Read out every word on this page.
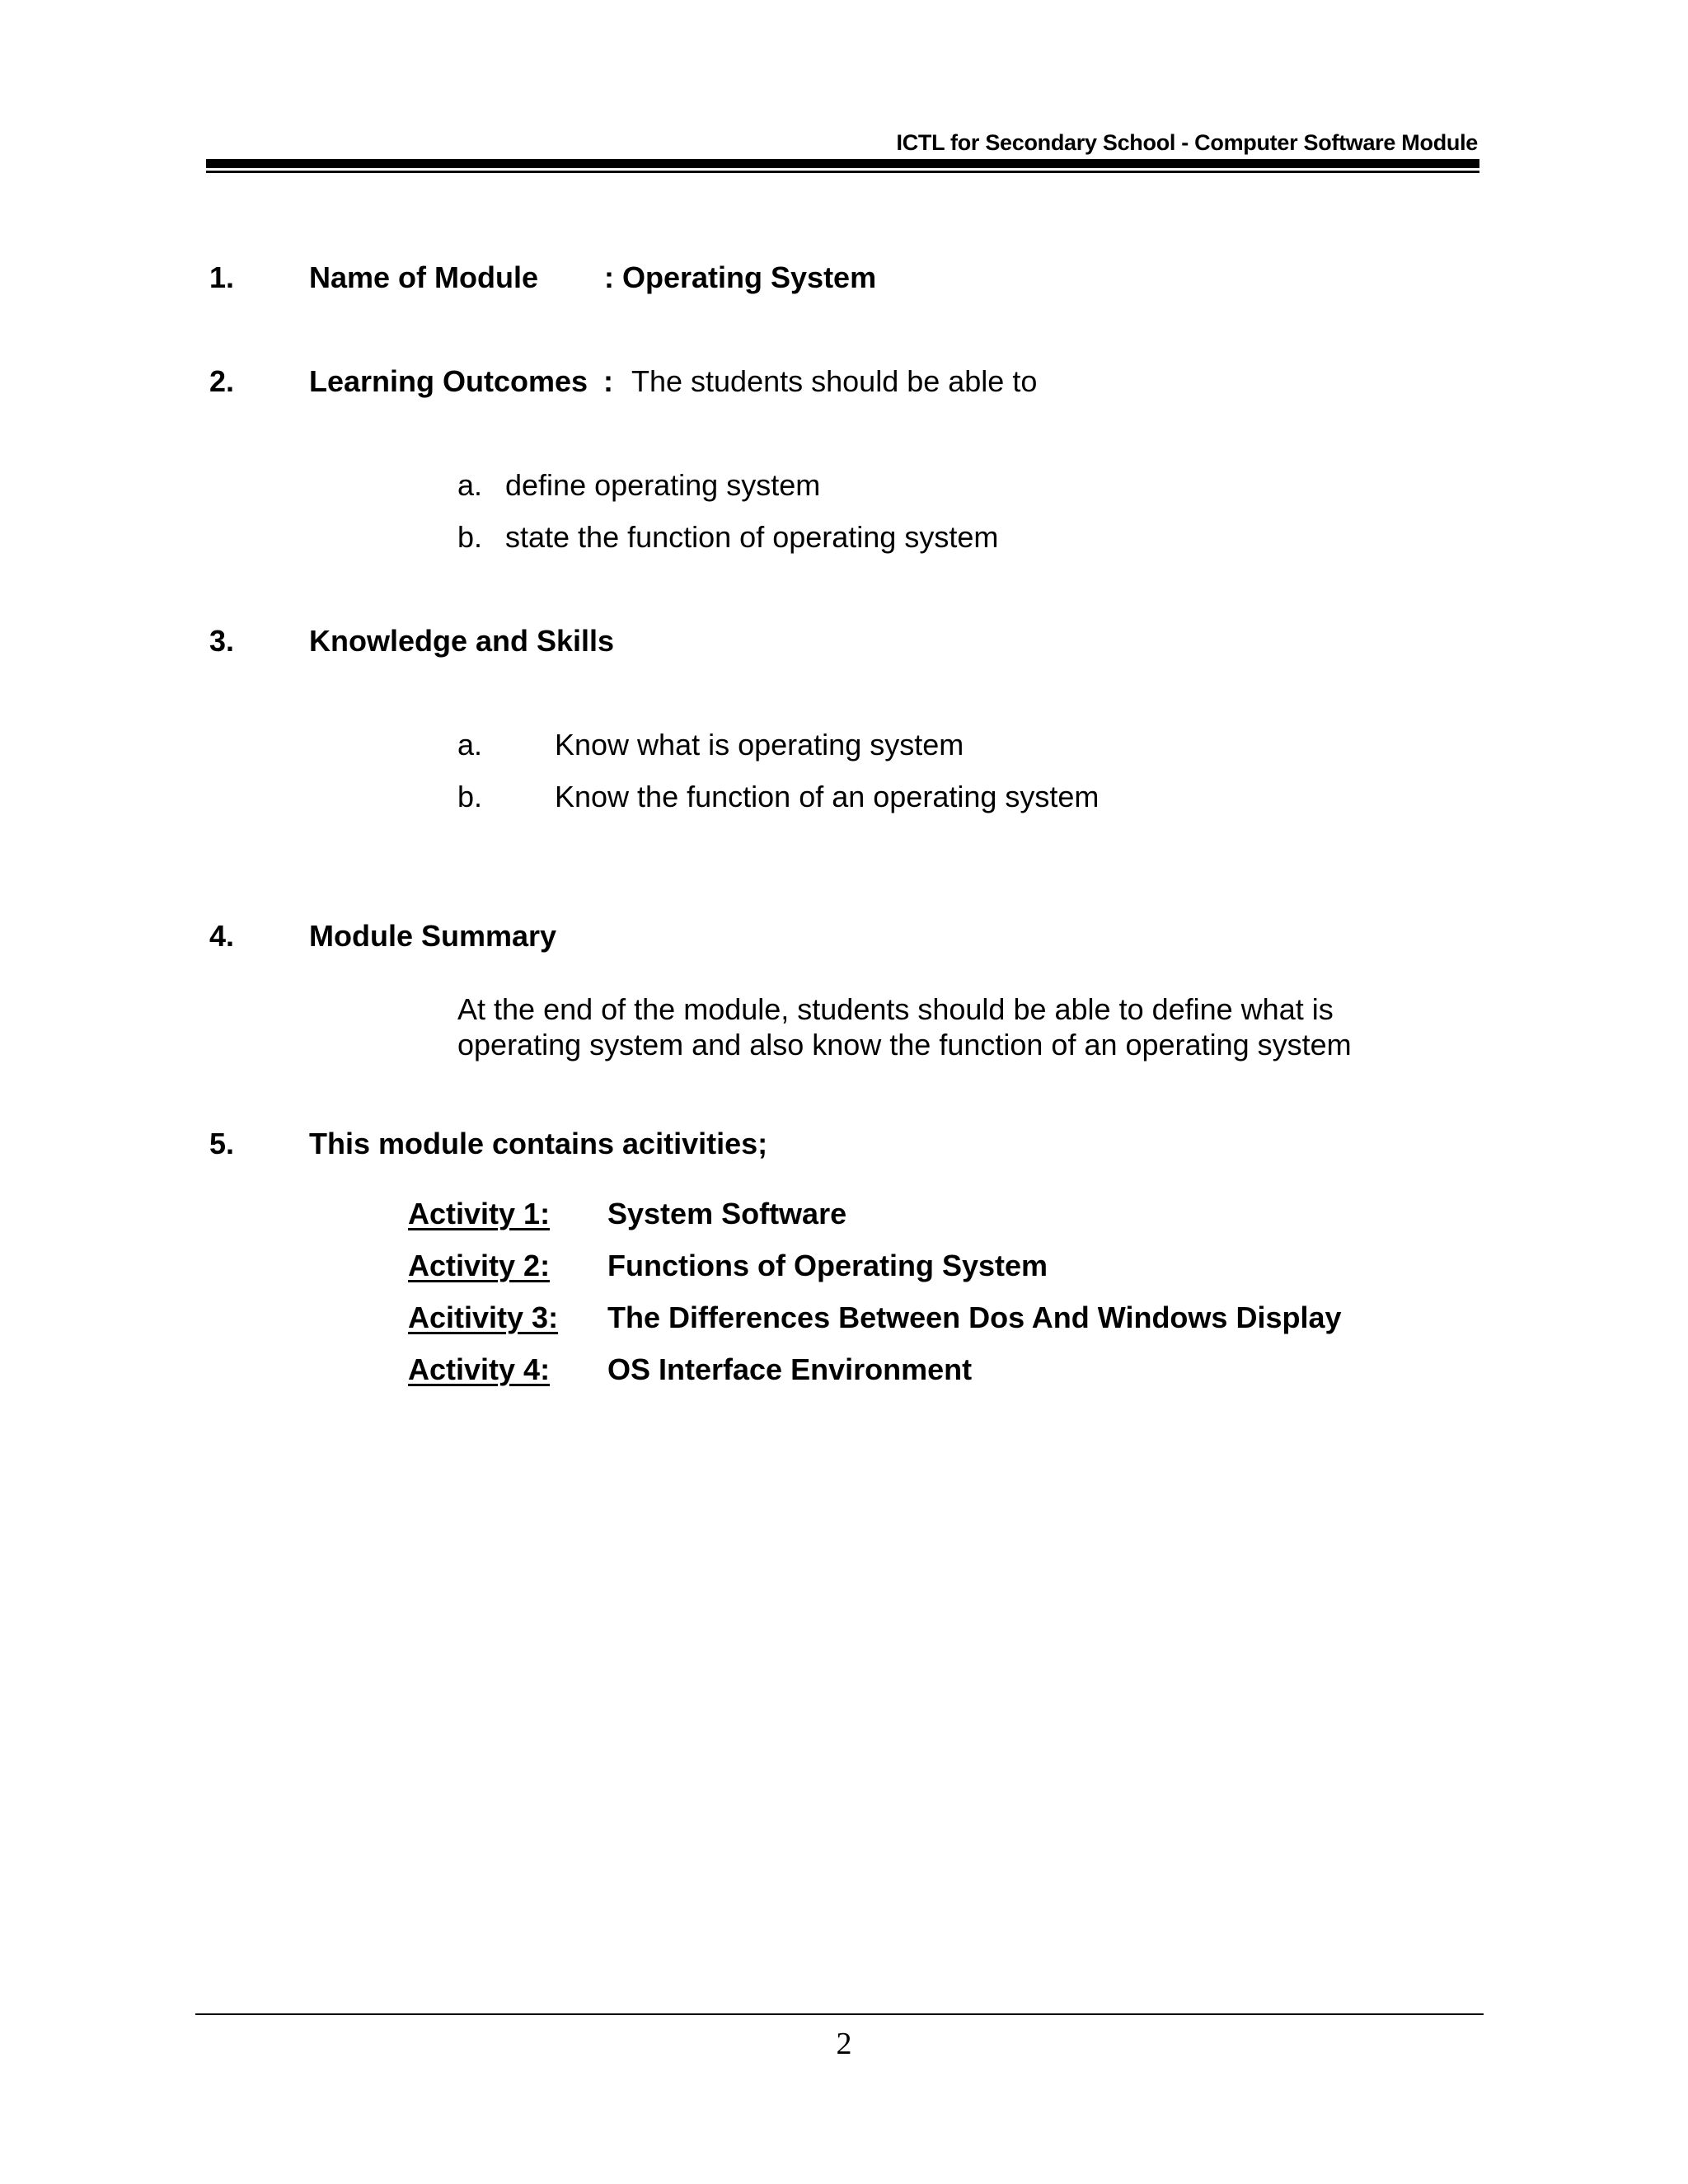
ICTL for Secondary School - Computer Software Module
1.	Name of Module : Operating System
2.	Learning Outcomes : The students should be able to
a. define operating system
b. state the function of operating system
3.	Knowledge and Skills
a. Know what is operating system
b. Know the function of an operating system
4.	Module Summary
At the end of the module, students should be able to define what is operating system and also know the function of an operating system
5.	This module contains acitivities;
Activity 1: System Software
Activity 2: Functions of Operating System
Acitivity 3: The Differences Between Dos And Windows Display
Activity 4: OS Interface Environment
2
